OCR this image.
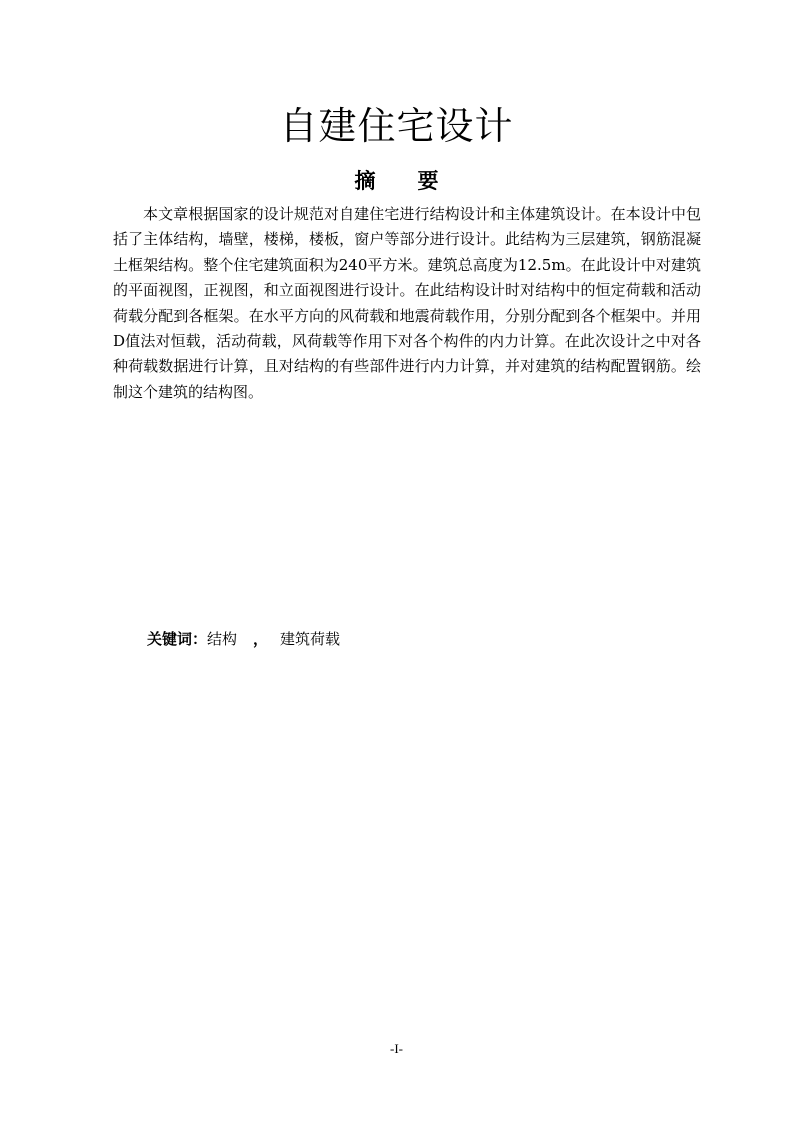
自建住宅设计
摘 要

本文章根据国家的设计规范对自建住宅进行结构设计和主体建筑设计。在本设计中包括了主体结构，墙壁，楼梯，楼板，窗户等部分进行设计。此结构为三层建筑，钢筋混凝土框架结构。整个住宅建筑面积为240平方米。建筑总高度为12.5m。在此设计中对建筑的平面视图，正视图，和立面视图进行设计。在此结构设计时对结构中的恒定荷载和活动荷载分配到各框架。在水平方向的风荷载和地震荷载作用，分别分配到各个框架中。并用D值法对恒载，活动荷载，风荷载等作用下对各个构件的内力计算。在此次设计之中对各种荷载数据进行计算，且对结构的有些部件进行内力计算，并对建筑的结构配置钢筋。绘制这个建筑的结构图。

关键词：结构 ， 建筑荷载

-I-
